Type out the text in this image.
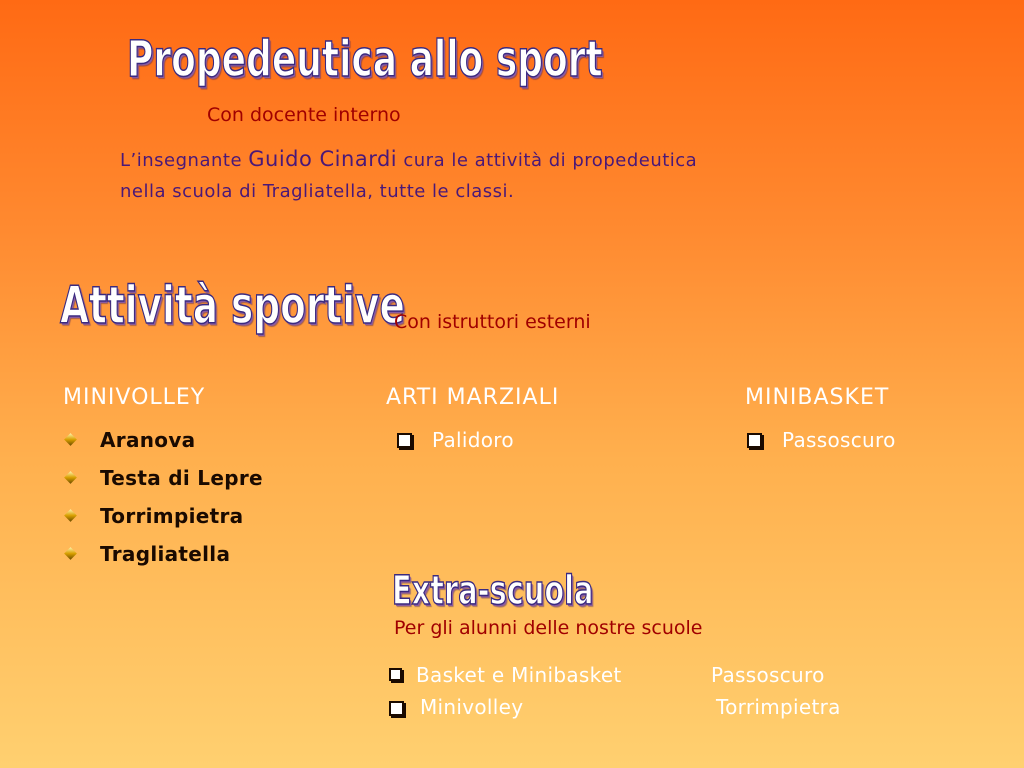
Propedeutica allo sport
Con docente interno
L’insegnante Guido Cinardi cura le attività di propedeutica
nella scuola di Tragliatella, tutte le classi.
Attività sportive
Con istruttori esterni
MINIVOLLEY
Aranova
Testa di Lepre
Torrimpietra
Tragliatella
ARTI MARZIALI
Palidoro
MINIBASKET
Passoscuro
Extra-scuola
Per gli alunni delle nostre scuole
Basket e Minibasket	Passoscuro
Minivolley	Torrimpietra
